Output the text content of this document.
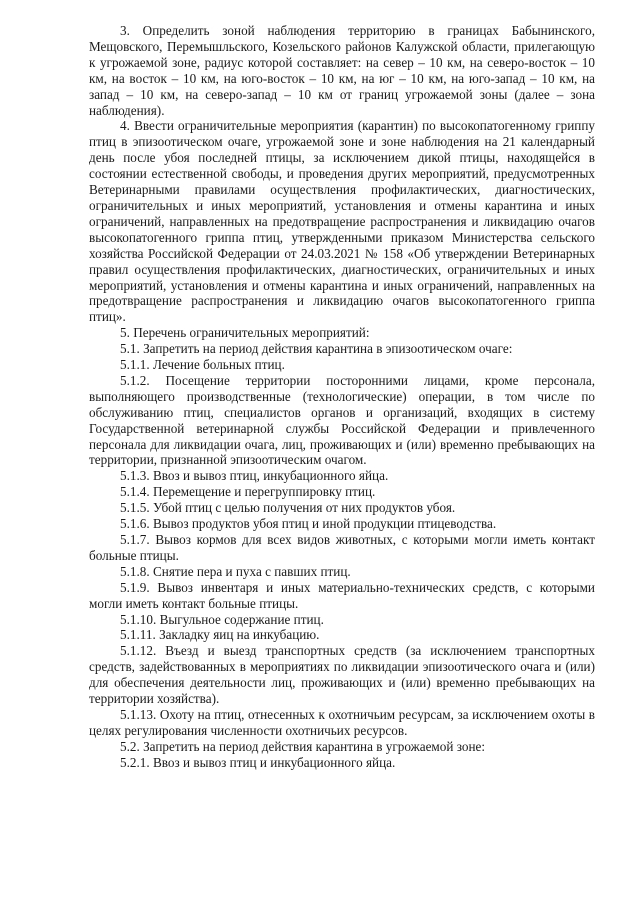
3. Определить зоной наблюдения территорию в границах Бабынинского, Мещовского, Перемышльского, Козельского районов Калужской области, прилегающую к угрожаемой зоне, радиус которой составляет: на север – 10 км, на северо-восток – 10 км, на восток – 10 км, на юго-восток – 10 км, на юг – 10 км, на юго-запад – 10 км, на запад – 10 км, на северо-запад – 10 км от границ угрожаемой зоны (далее – зона наблюдения).

4. Ввести ограничительные мероприятия (карантин) по высокопатогенному гриппу птиц в эпизоотическом очаге, угрожаемой зоне и зоне наблюдения на 21 календарный день после убоя последней птицы, за исключением дикой птицы, находящейся в состоянии естественной свободы, и проведения других мероприятий, предусмотренных Ветеринарными правилами осуществления профилактических, диагностических, ограничительных и иных мероприятий, установления и отмены карантина и иных ограничений, направленных на предотвращение распространения и ликвидацию очагов высокопатогенного гриппа птиц, утвержденными приказом Министерства сельского хозяйства Российской Федерации от 24.03.2021 № 158 «Об утверждении Ветеринарных правил осуществления профилактических, диагностических, ограничительных и иных мероприятий, установления и отмены карантина и иных ограничений, направленных на предотвращение распространения и ликвидацию очагов высокопатогенного гриппа птиц».

5. Перечень ограничительных мероприятий:

5.1. Запретить на период действия карантина в эпизоотическом очаге:

5.1.1. Лечение больных птиц.

5.1.2. Посещение территории посторонними лицами, кроме персонала, выполняющего производственные (технологические) операции, в том числе по обслуживанию птиц, специалистов органов и организаций, входящих в систему Государственной ветеринарной службы Российской Федерации и привлеченного персонала для ликвидации очага, лиц, проживающих и (или) временно пребывающих на территории, признанной эпизоотическим очагом.

5.1.3. Ввоз и вывоз птиц, инкубационного яйца.

5.1.4. Перемещение и перегруппировку птиц.

5.1.5. Убой птиц с целью получения от них продуктов убоя.

5.1.6. Вывоз продуктов убоя птиц и иной продукции птицеводства.

5.1.7. Вывоз кормов для всех видов животных, с которыми могли иметь контакт больные птицы.

5.1.8. Снятие пера и пуха с павших птиц.

5.1.9. Вывоз инвентаря и иных материально-технических средств, с которыми могли иметь контакт больные птицы.

5.1.10. Выгульное содержание птиц.

5.1.11. Закладку яиц на инкубацию.

5.1.12. Въезд и выезд транспортных средств (за исключением транспортных средств, задействованных в мероприятиях по ликвидации эпизоотического очага и (или) для обеспечения деятельности лиц, проживающих и (или) временно пребывающих на территории хозяйства).

5.1.13. Охоту на птиц, отнесенных к охотничьим ресурсам, за исключением охоты в целях регулирования численности охотничьих ресурсов.

5.2. Запретить на период действия карантина в угрожаемой зоне:

5.2.1. Ввоз и вывоз птиц и инкубационного яйца.
